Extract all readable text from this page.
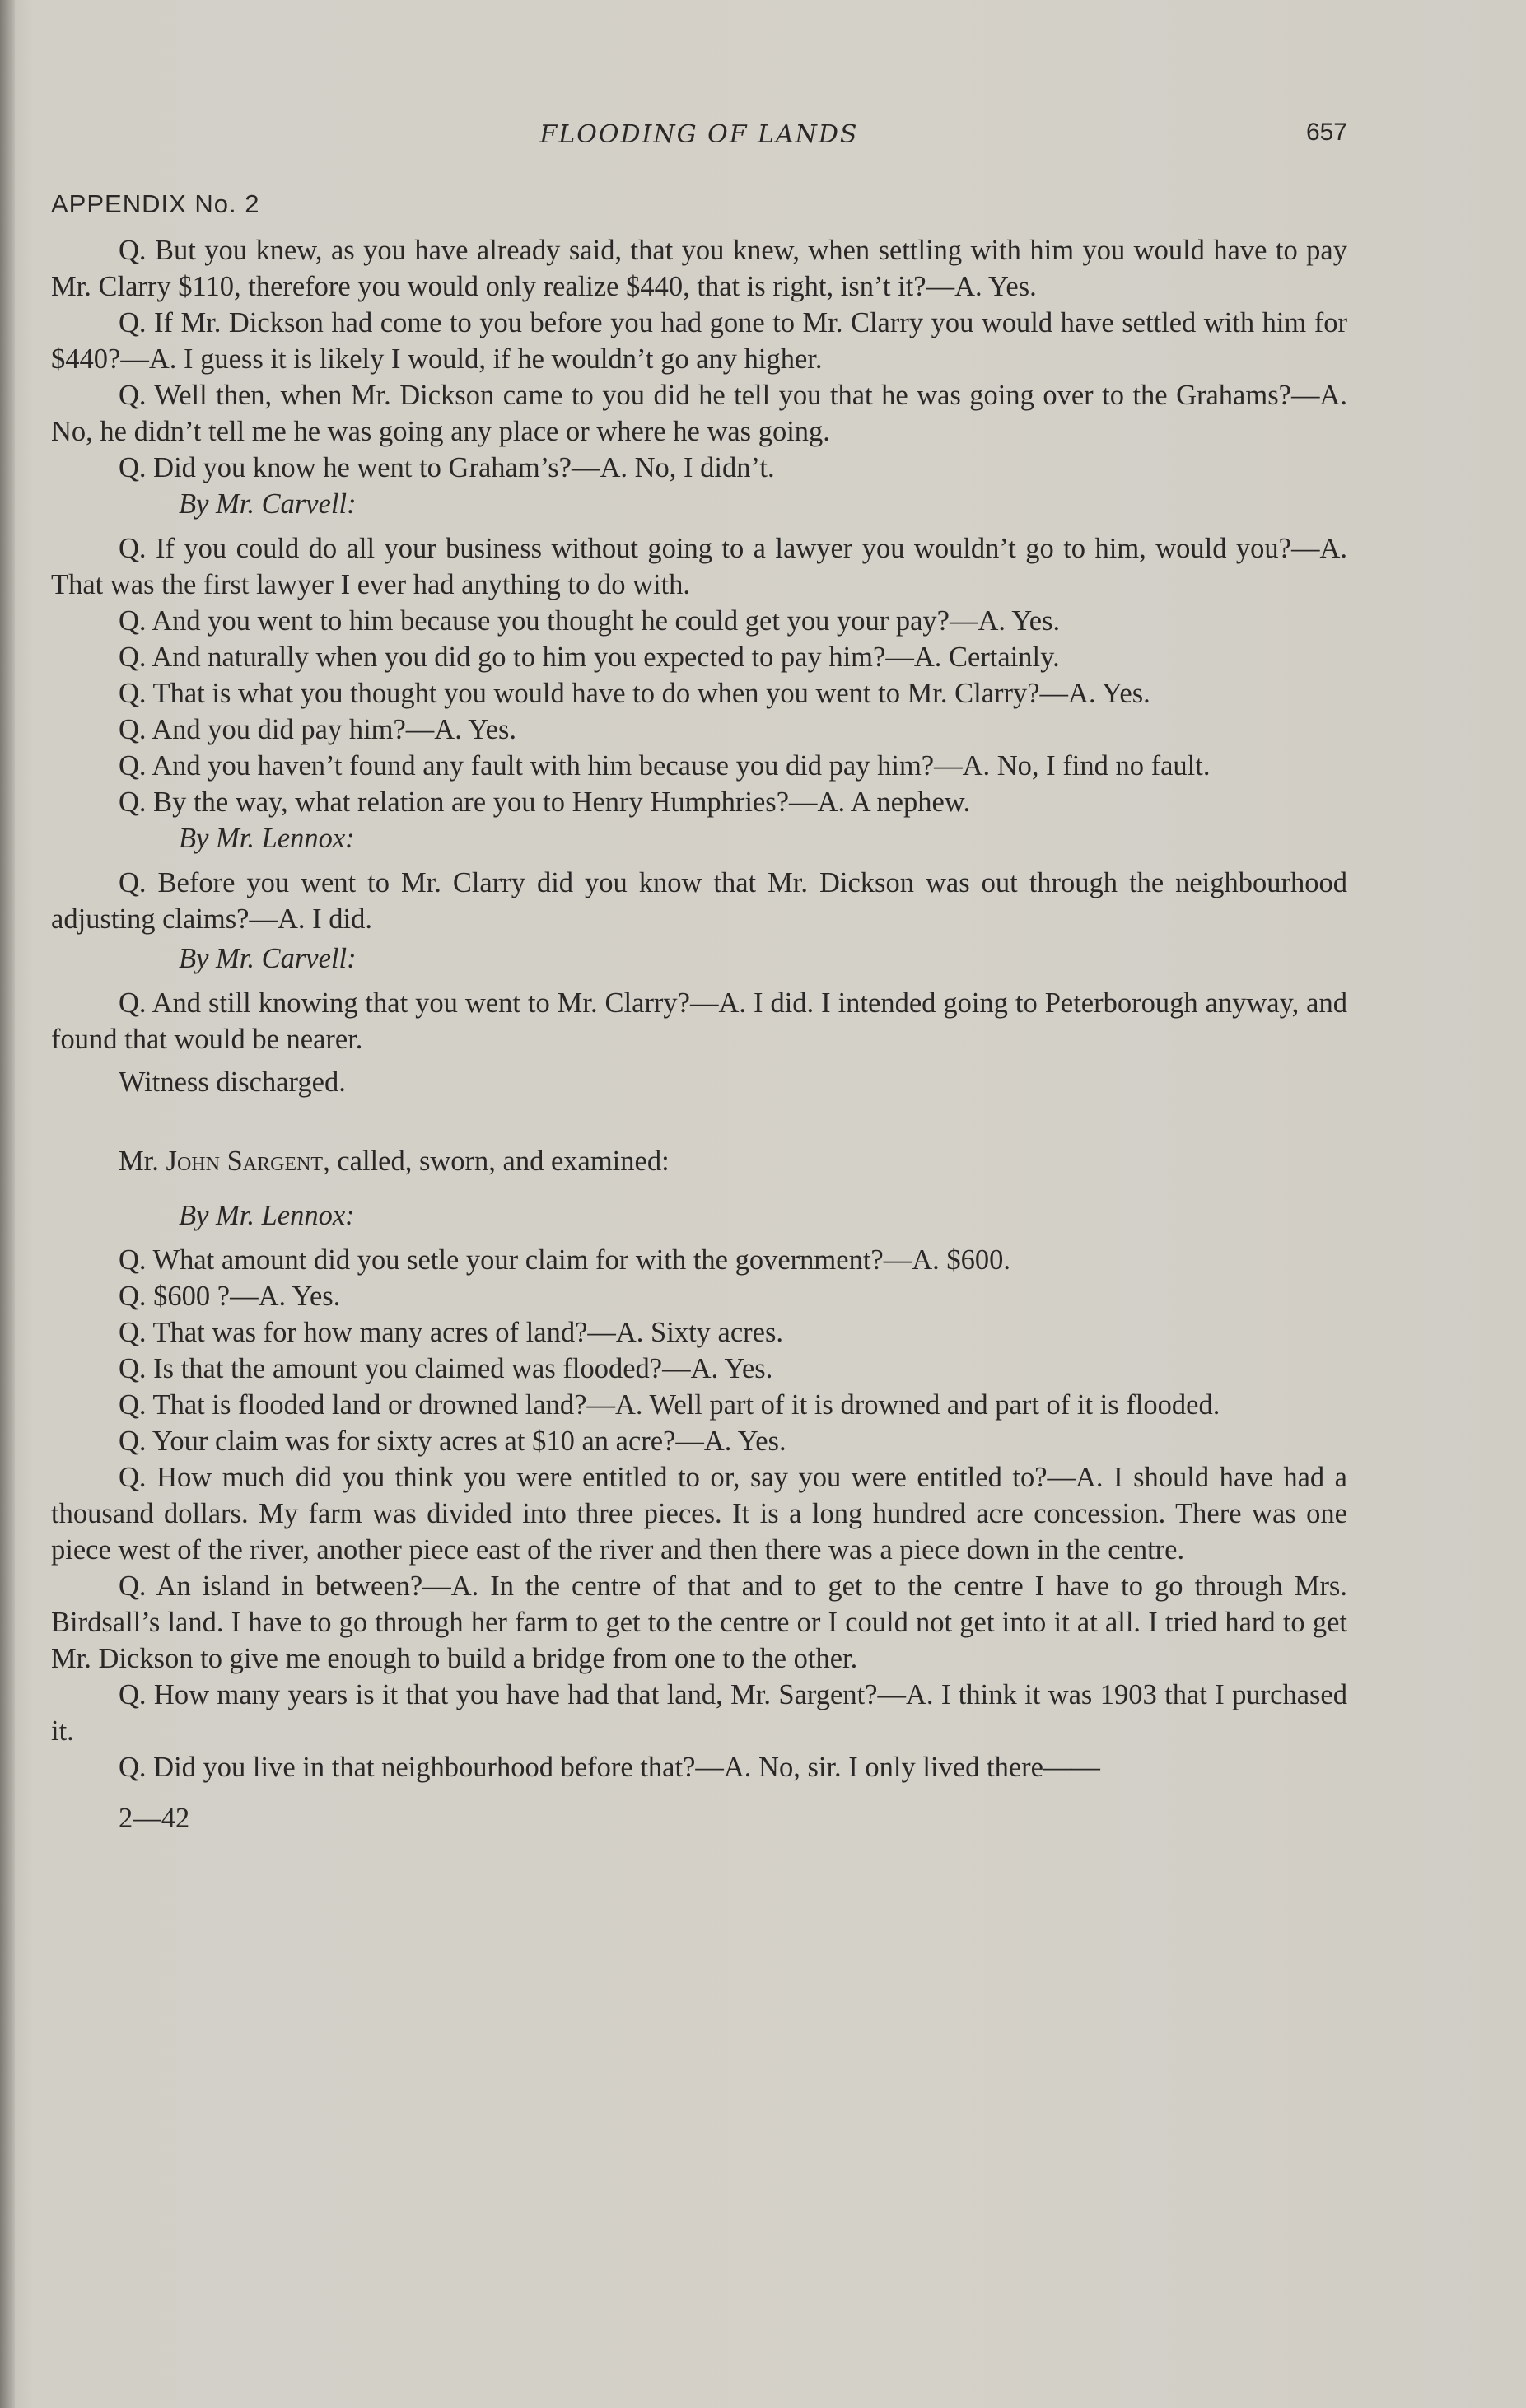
FLOODING OF LANDS	657
APPENDIX No. 2

Q. But you knew, as you have already said, that you knew, when settling with him you would have to pay Mr. Clarry $110, therefore you would only realize $440, that is right, isn’t it?—A. Yes.

Q. If Mr. Dickson had come to you before you had gone to Mr. Clarry you would have settled with him for $440?—A. I guess it is likely I would, if he wouldn’t go any higher.

Q. Well then, when Mr. Dickson came to you did he tell you that he was going over to the Grahams?—A. No, he didn’t tell me he was going any place or where he was going.

Q. Did you know he went to Graham’s?—A. No, I didn’t.

By Mr. Carvell:

Q. If you could do all your business without going to a lawyer you wouldn’t go to him, would you?—A. That was the first lawyer I ever had anything to do with.

Q. And you went to him because you thought he could get you your pay?—A. Yes.

Q. And naturally when you did go to him you expected to pay him?—A. Certainly.

Q. That is what you thought you would have to do when you went to Mr. Clarry?—A. Yes.

Q. And you did pay him?—A. Yes.

Q. And you haven’t found any fault with him because you did pay him?—A. No, I find no fault.

Q. By the way, what relation are you to Henry Humphries?—A. A nephew.

By Mr. Lennox:

Q. Before you went to Mr. Clarry did you know that Mr. Dickson was out through the neighbourhood adjusting claims?—A. I did.

By Mr. Carvell:

Q. And still knowing that you went to Mr. Clarry?—A. I did. I intended going to Peterborough anyway, and found that would be nearer.

Witness discharged.

Mr. John Sargent, called, sworn, and examined:

By Mr. Lennox:

Q. What amount did you setle your claim for with the government?—A. $600.

Q. $600 ?—A. Yes.

Q. That was for how many acres of land?—A. Sixty acres.

Q. Is that the amount you claimed was flooded?—A. Yes.

Q. That is flooded land or drowned land?—A. Well part of it is drowned and part of it is flooded.

Q. Your claim was for sixty acres at $10 an acre?—A. Yes.

Q. How much did you think you were entitled to or, say you were entitled to?—A. I should have had a thousand dollars. My farm was divided into three pieces. It is a long hundred acre concession. There was one piece west of the river, another piece east of the river and then there was a piece down in the centre.

Q. An island in between?—A. In the centre of that and to get to the centre I have to go through Mrs. Birdsall’s land. I have to go through her farm to get to the centre or I could not get into it at all. I tried hard to get Mr. Dickson to give me enough to build a bridge from one to the other.

Q. How many years is it that you have had that land, Mr. Sargent?—A. I think it was 1903 that I purchased it.

Q. Did you live in that neighbourhood before that?—A. No, sir. I only lived there——

2—42
